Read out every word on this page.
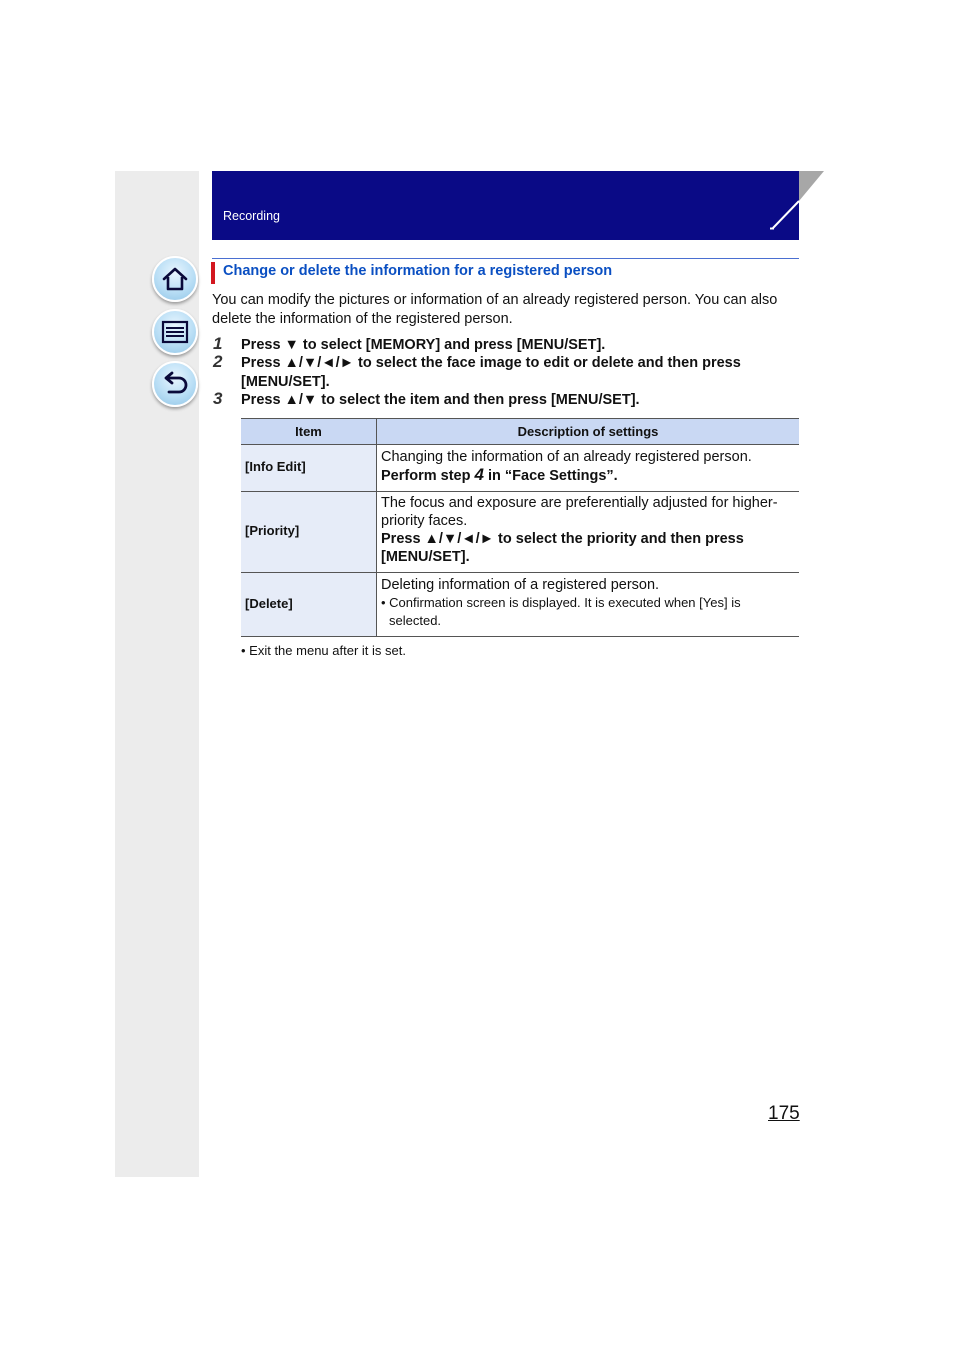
Recording
Change or delete the information for a registered person
You can modify the pictures or information of an already registered person. You can also delete the information of the registered person.
1 Press ▼ to select [MEMORY] and press [MENU/SET].
2 Press ▲/▼/◄/► to select the face image to edit or delete and then press [MENU/SET].
3 Press ▲/▼ to select the item and then press [MENU/SET].
Item	Description of settings
[Info Edit]	Changing the information of an already registered person.
Perform step 4 in “Face Settings”.

[Priority]	The focus and exposure are preferentially adjusted for higher-priority faces.
Press ▲/▼/◄/► to select the priority and then press [MENU/SET].

[Delete]	Deleting information of a registered person.
• Confirmation screen is displayed. It is executed when [Yes] is selected.
• Exit the menu after it is set.
175
